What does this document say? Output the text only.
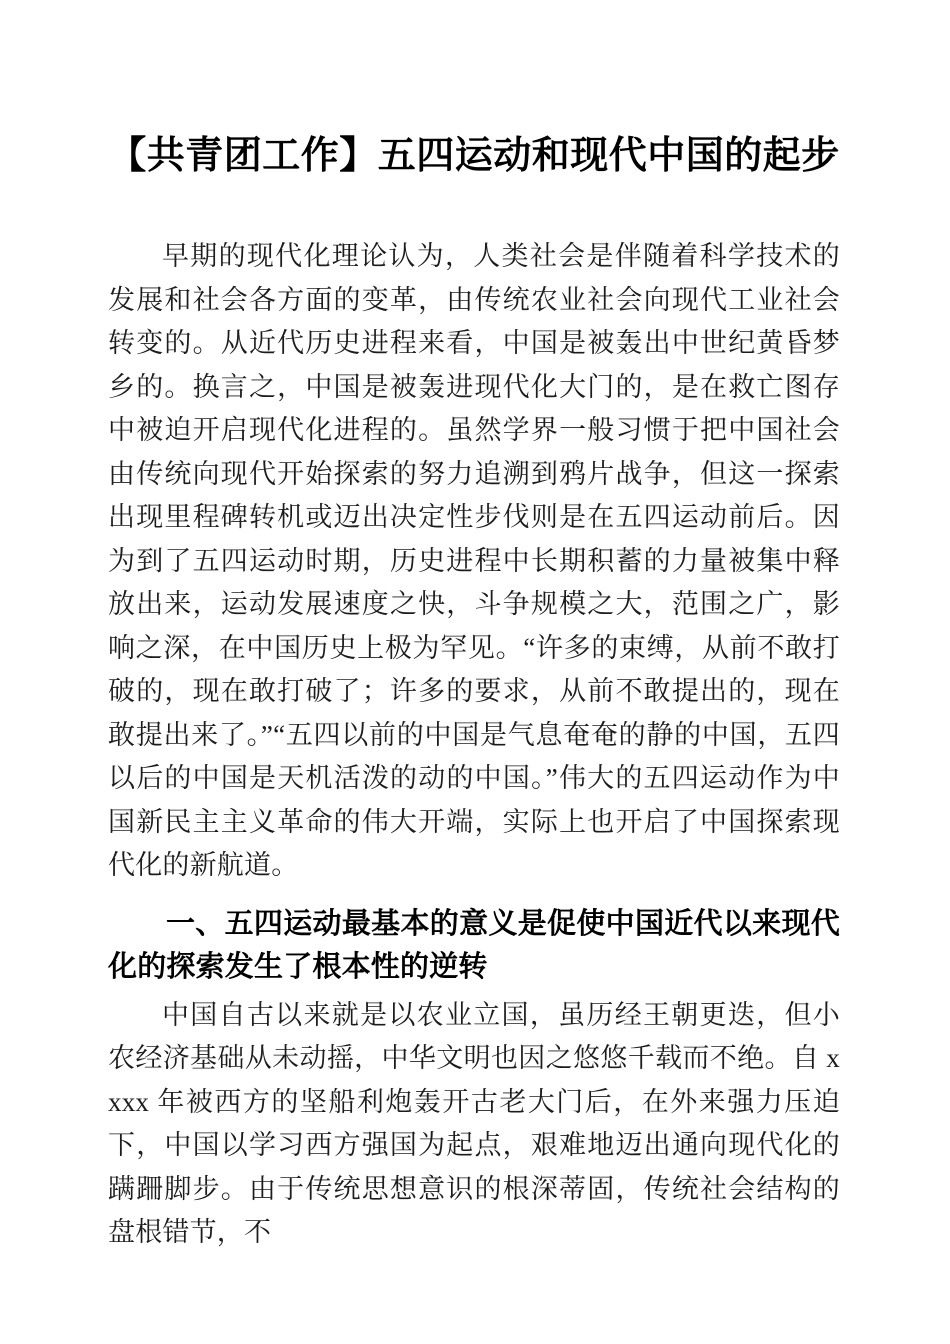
【共青团工作】五四运动和现代中国的起步

早期的现代化理论认为，人类社会是伴随着科学技术的发展和社会各方面的变革，由传统农业社会向现代工业社会转变的。从近代历史进程来看，中国是被轰出中世纪黄昏梦乡的。换言之，中国是被轰进现代化大门的，是在救亡图存中被迫开启现代化进程的。虽然学界一般习惯于把中国社会由传统向现代开始探索的努力追溯到鸦片战争，但这一探索出现里程碑转机或迈出决定性步伐则是在五四运动前后。因为到了五四运动时期，历史进程中长期积蓄的力量被集中释放出来，运动发展速度之快，斗争规模之大，范围之广，影响之深，在中国历史上极为罕见。“许多的束缚，从前不敢打破的，现在敢打破了；许多的要求，从前不敢提出的，现在敢提出来了。”“五四以前的中国是气息奄奄的静的中国，五四以后的中国是天机活泼的动的中国。”伟大的五四运动作为中国新民主主义革命的伟大开端，实际上也开启了中国探索现代化的新航道。

一、五四运动最基本的意义是促使中国近代以来现代化的探索发生了根本性的逆转

中国自古以来就是以农业立国，虽历经王朝更迭，但小农经济基础从未动摇，中华文明也因之悠悠千载而不绝。自 xxxx 年被西方的坚船利炮轰开古老大门后，在外来强力压迫下，中国以学习西方强国为起点，艰难地迈出通向现代化的蹒跚脚步。由于传统思想意识的根深蒂固，传统社会结构的盘根错节，不
